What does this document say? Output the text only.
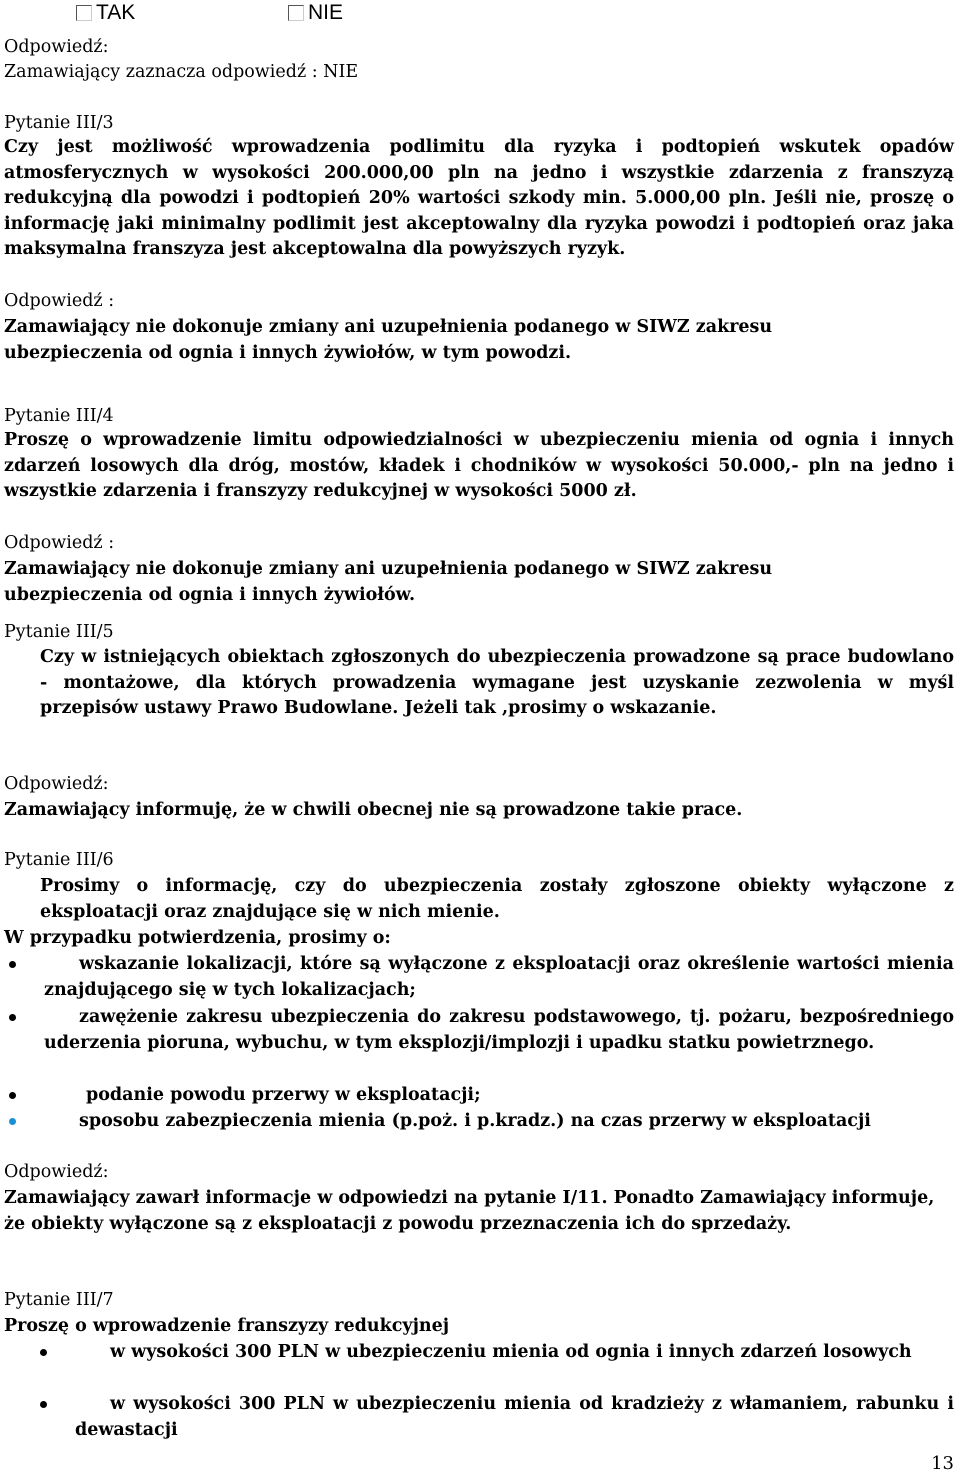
TAK	NIE
Odpowiedź:
Zamawiający zaznacza odpowiedź : NIE
Pytanie III/3
Czy jest możliwość wprowadzenia podlimitu dla ryzyka i podtopień wskutek opadów atmosferycznych w wysokości 200.000,00 pln na jedno i wszystkie zdarzenia z franszyzą redukcyjną dla powodzi i podtopień 20% wartości szkody min. 5.000,00 pln. Jeśli nie, proszę o informację jaki minimalny podlimit jest akceptowalny dla ryzyka powodzi i podtopień oraz jaka maksymalna franszyza jest akceptowalna dla powyższych ryzyk.
Odpowiedź :
Zamawiający nie dokonuje zmiany ani uzupełnienia podanego w SIWZ zakresu ubezpieczenia od ognia i innych żywiołów, w tym powodzi.
Pytanie III/4
Proszę o wprowadzenie limitu odpowiedzialności w ubezpieczeniu mienia od ognia i innych zdarzeń losowych dla dróg, mostów, kładek i chodników w wysokości 50.000,- pln na jedno i wszystkie zdarzenia i franszyzy redukcyjnej w wysokości 5000 zł.
Odpowiedź :
Zamawiający nie dokonuje zmiany ani uzupełnienia podanego w SIWZ zakresu ubezpieczenia od ognia i innych żywiołów.
Pytanie III/5
Czy w istniejących obiektach zgłoszonych do ubezpieczenia prowadzone są prace budowlano - montażowe, dla których prowadzenia wymagane jest uzyskanie zezwolenia w myśl przepisów ustawy Prawo Budowlane. Jeżeli tak ,prosimy o wskazanie.
Odpowiedź:
Zamawiający informuję, że w chwili obecnej nie są prowadzone takie prace.
Pytanie III/6
Prosimy o informację, czy do ubezpieczenia zostały zgłoszone obiekty wyłączone z eksploatacji oraz znajdujące się w nich mienie.
W przypadku potwierdzenia, prosimy o:
wskazanie lokalizacji, które są wyłączone z eksploatacji oraz określenie wartości mienia znajdującego się w tych lokalizacjach;
zawężenie zakresu ubezpieczenia do zakresu podstawowego, tj. pożaru, bezpośredniego uderzenia pioruna, wybuchu, w tym eksplozji/implozji i upadku statku powietrznego.
podanie powodu przerwy w eksploatacji;
sposobu zabezpieczenia mienia (p.poż. i p.kradz.) na czas przerwy w eksploatacji
Odpowiedź:
Zamawiający zawarł informacje w odpowiedzi na pytanie I/11. Ponadto Zamawiający informuje, że obiekty wyłączone są z eksploatacji z powodu przeznaczenia ich do sprzedaży.
Pytanie III/7
Proszę o wprowadzenie franszyzy redukcyjnej
w wysokości 300 PLN w ubezpieczeniu mienia od ognia i innych zdarzeń losowych
w wysokości 300 PLN w ubezpieczeniu mienia od kradzieży z włamaniem, rabunku i dewastacji
13
